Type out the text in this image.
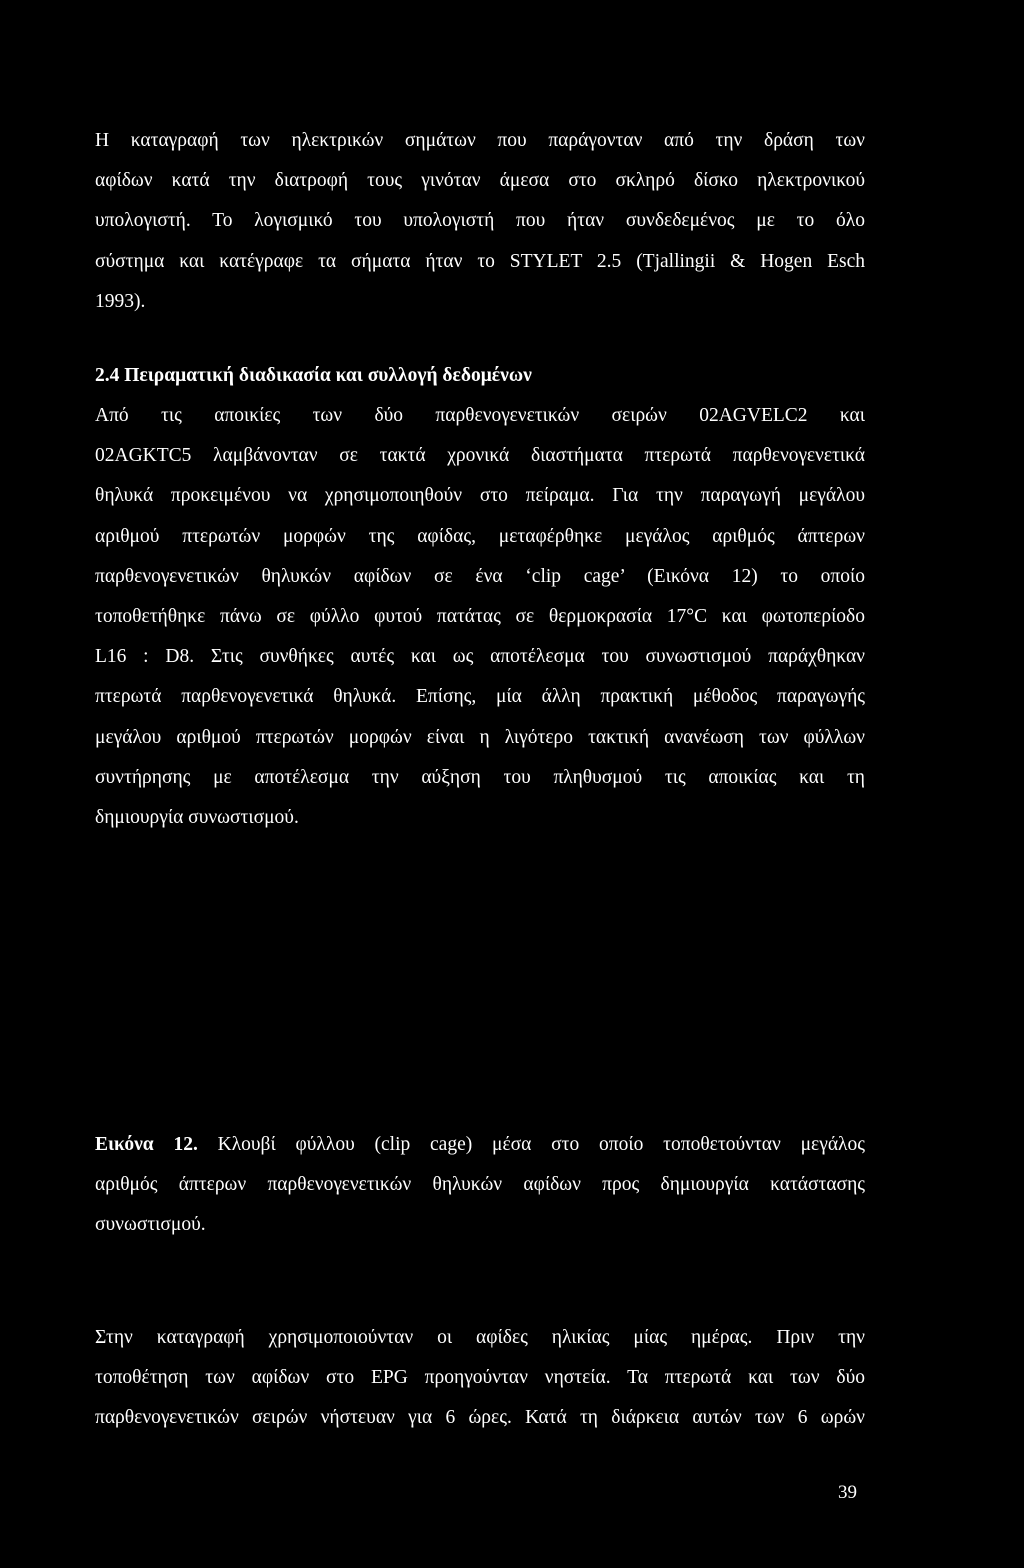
Η καταγραφή των ηλεκτρικών σημάτων που παράγονταν από την δράση των
αφίδων κατά την διατροφή τους γινόταν άμεσα στο σκληρό δίσκο ηλεκτρονικού
υπολογιστή. Το λογισμικό του υπολογιστή που ήταν συνδεδεμένος με το όλο
σύστημα και κατέγραφε τα σήματα ήταν το STYLET 2.5 (Tjallingii & Hogen Esch
1993).
2.4 Πειραματική διαδικασία και συλλογή δεδομένων
Από τις αποικίες των δύο παρθενογενετικών σειρών 02AGVELC2 και
02AGKTC5 λαμβάνονταν σε τακτά χρονικά διαστήματα πτερωτά παρθενογενετικά
θηλυκά προκειμένου να χρησιμοποιηθούν στο πείραμα. Για την παραγωγή μεγάλου
αριθμού πτερωτών μορφών της αφίδας, μεταφέρθηκε μεγάλος αριθμός άπτερων
παρθενογενετικών θηλυκών αφίδων σε ένα ‘clip cage’ (Εικόνα 12) το οποίο
τοποθετήθηκε πάνω σε φύλλο φυτού πατάτας σε θερμοκρασία 17°C και φωτοπερίοδο
L16 : D8. Στις συνθήκες αυτές και ως αποτέλεσμα του συνωστισμού παράχθηκαν
πτερωτά παρθενογενετικά θηλυκά. Επίσης, μία άλλη πρακτική μέθοδος παραγωγής
μεγάλου αριθμού πτερωτών μορφών είναι η λιγότερο τακτική ανανέωση των φύλλων
συντήρησης με αποτέλεσμα την αύξηση του πληθυσμού τις αποικίας και τη
δημιουργία συνωστισμού.
Εικόνα 12. Κλουβί φύλλου (clip cage) μέσα στο οποίο τοποθετούνταν μεγάλος
αριθμός άπτερων παρθενογενετικών θηλυκών αφίδων προς δημιουργία κατάστασης
συνωστισμού.
Στην καταγραφή χρησιμοποιούνταν οι αφίδες ηλικίας μίας ημέρας. Πριν την
τοποθέτηση των αφίδων στο EPG προηγούνταν νηστεία. Τα πτερωτά και των δύο
παρθενογενετικών σειρών νήστευαν για 6 ώρες. Κατά τη διάρκεια αυτών των 6 ωρών
39
